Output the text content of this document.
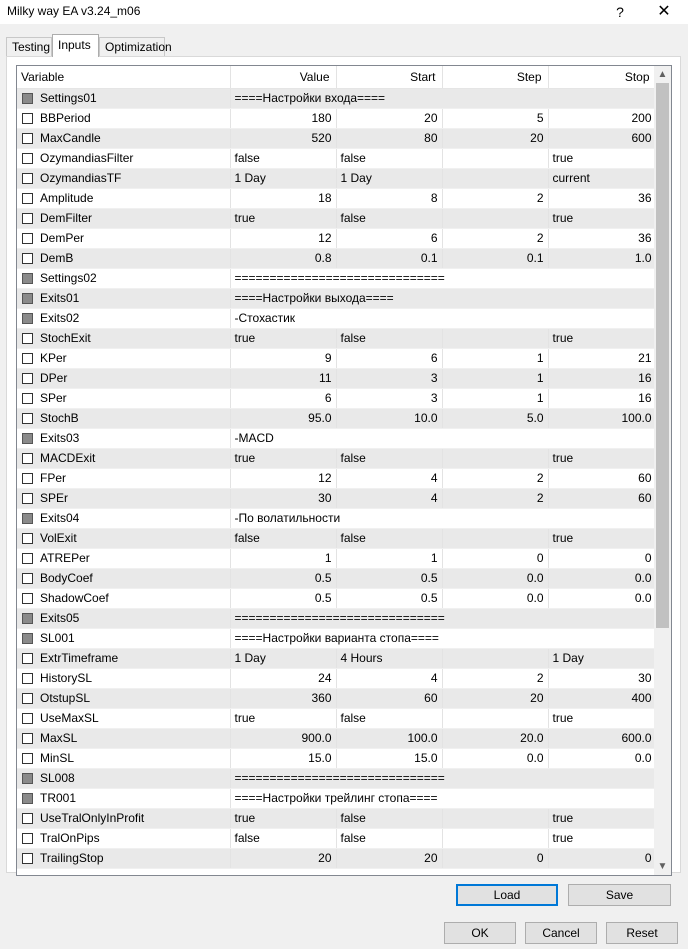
Milky way EA v3.24_m06	?	✕
Testing Inputs	Optimization
Variable	Value	Start	Step	Stop
Settings01	====Настройки входа====			
BBPeriod	180	20	5	200
MaxCandle	520	80	20	600
OzymandiasFilter	false	false		true
OzymandiasTF	1 Day	1 Day		current
Amplitude	18	8	2	36
DemFilter	true	false		true
DemPer	12	6	2	36
DemB	0.8	0.1	0.1	1.0
Settings02	==============================			
Exits01	====Настройки выхода====			
Exits02	-Стохастик			
StochExit	true	false		true
KPer	9	6	1	21
DPer	11	3	1	16
SPer	6	3	1	16
StochB	95.0	10.0	5.0	100.0
Exits03	-MACD			
MACDExit	true	false		true
FPer	12	4	2	60
SPEr	30	4	2	60
Exits04	-По волатильности			
VolExit	false	false		true
ATREPer	1	1	0	0
BodyCoef	0.5	0.5	0.0	0.0
ShadowCoef	0.5	0.5	0.0	0.0
Exits05	==============================			
SL001	====Настройки варианта стопа====			
ExtrTimeframe	1 Day	4 Hours		1 Day
HistorySL	24	4	2	30
OtstupSL	360	60	20	400
UseMaxSL	true	false		true
MaxSL	900.0	100.0	20.0	600.0
MinSL	15.0	15.0	0.0	0.0
SL008	==============================			
TR001	====Настройки трейлинг стопа====			
UseTralOnlyInProfit	true	false		true
TralOnPips	false	false		true
TrailingStop	20	20	0	0
▲
▼
Load	Save
OK	Cancel	Reset
